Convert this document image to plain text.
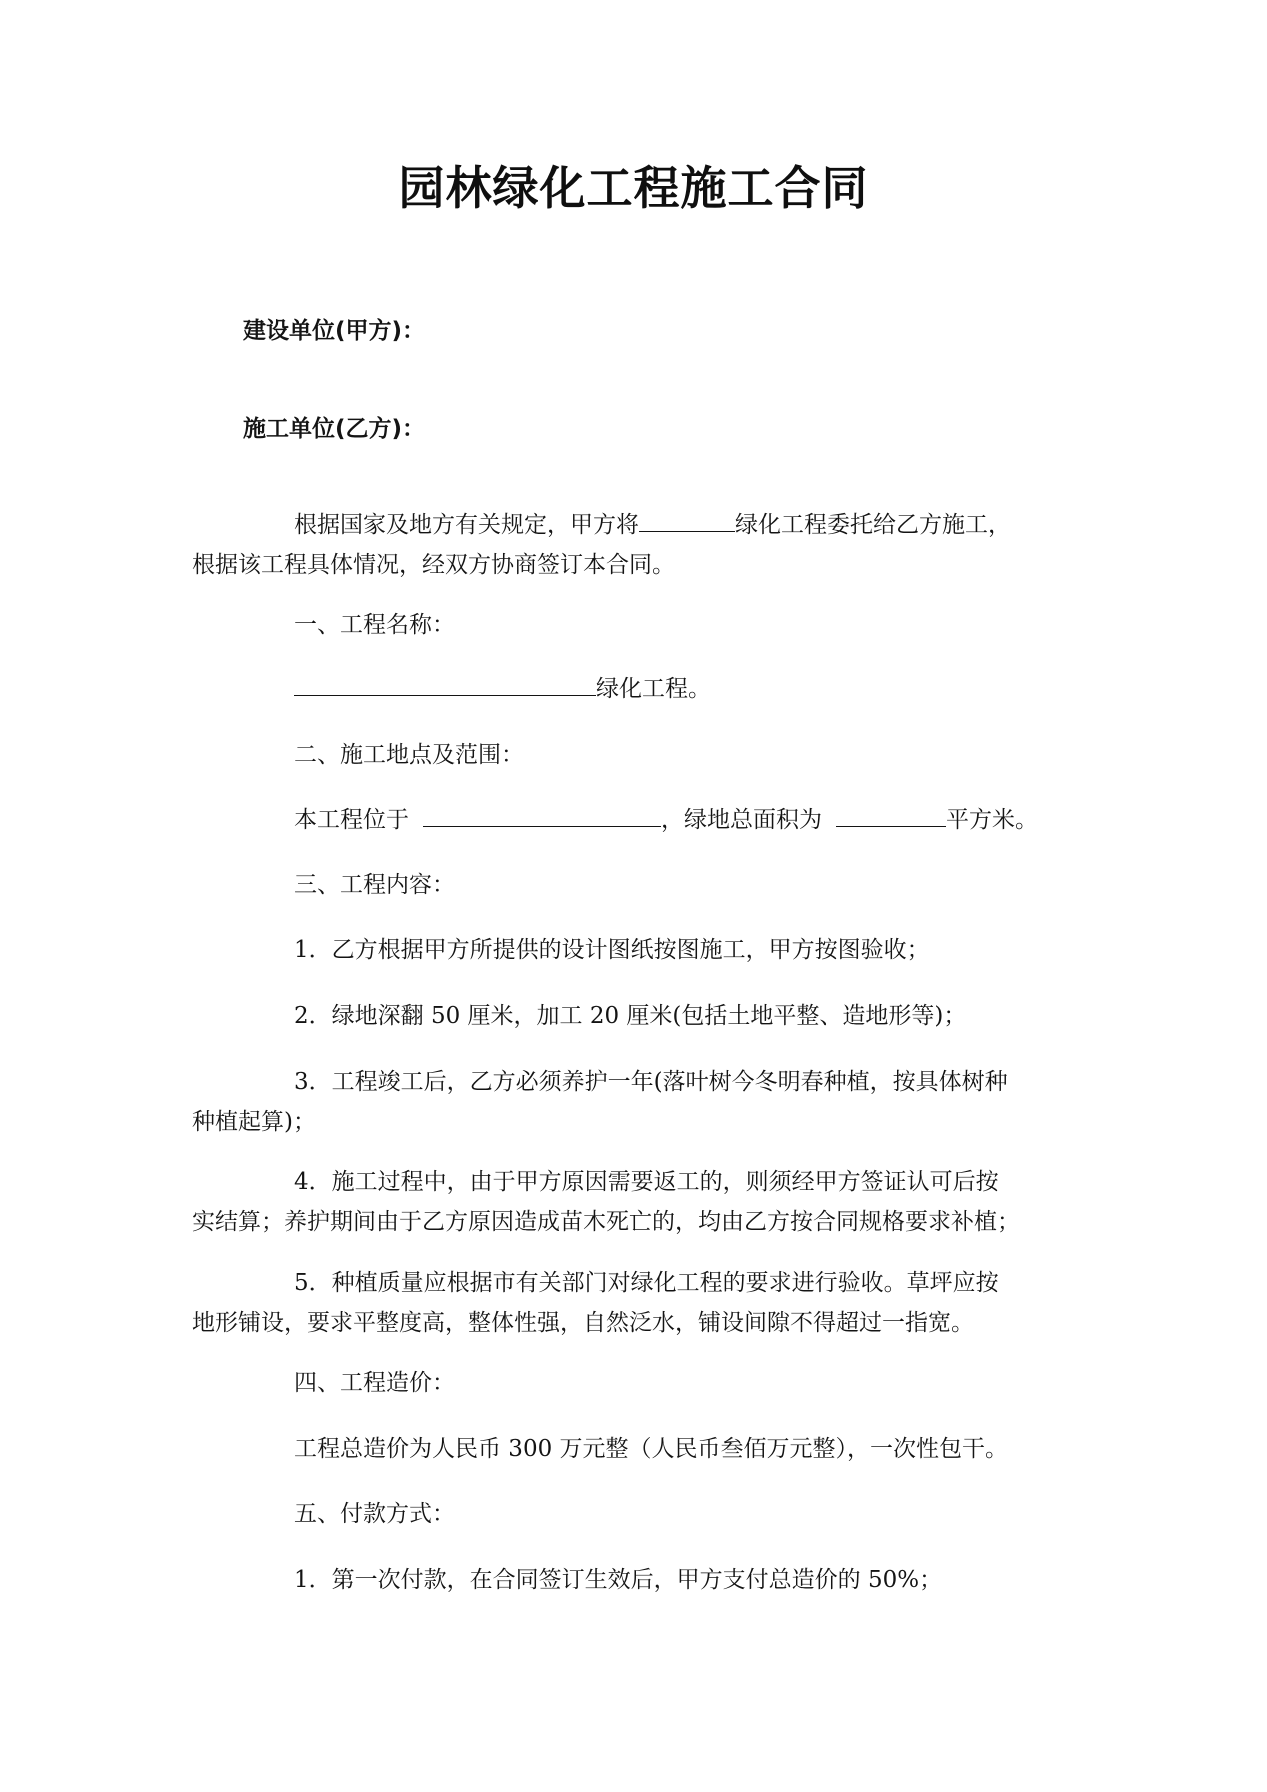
园林绿化工程施工合同
建设单位(甲方)：
施工单位(乙方)：
根据国家及地方有关规定，甲方将	绿化工程委托给乙方施工，
根据该工程具体情况，经双方协商签订本合同。
一、工程名称：
绿化工程。
二、施工地点及范围：
本工程位于	，绿地总面积为	平方米。
三、工程内容：
1．乙方根据甲方所提供的设计图纸按图施工，甲方按图验收；
2．绿地深翻 50 厘米，加工 20 厘米(包括土地平整、造地形等)；
3．工程竣工后，乙方必须养护一年(落叶树今冬明春种植，按具体树种
种植起算)；
4．施工过程中，由于甲方原因需要返工的，则须经甲方签证认可后按
实结算；养护期间由于乙方原因造成苗木死亡的，均由乙方按合同规格要求补植；
5．种植质量应根据市有关部门对绿化工程的要求进行验收。草坪应按
地形铺设，要求平整度高，整体性强，自然泛水，铺设间隙不得超过一指宽。
四、工程造价：
工程总造价为人民币 300 万元整（人民币叁佰万元整），一次性包干。
五、付款方式：
1．第一次付款，在合同签订生效后，甲方支付总造价的 50%；
